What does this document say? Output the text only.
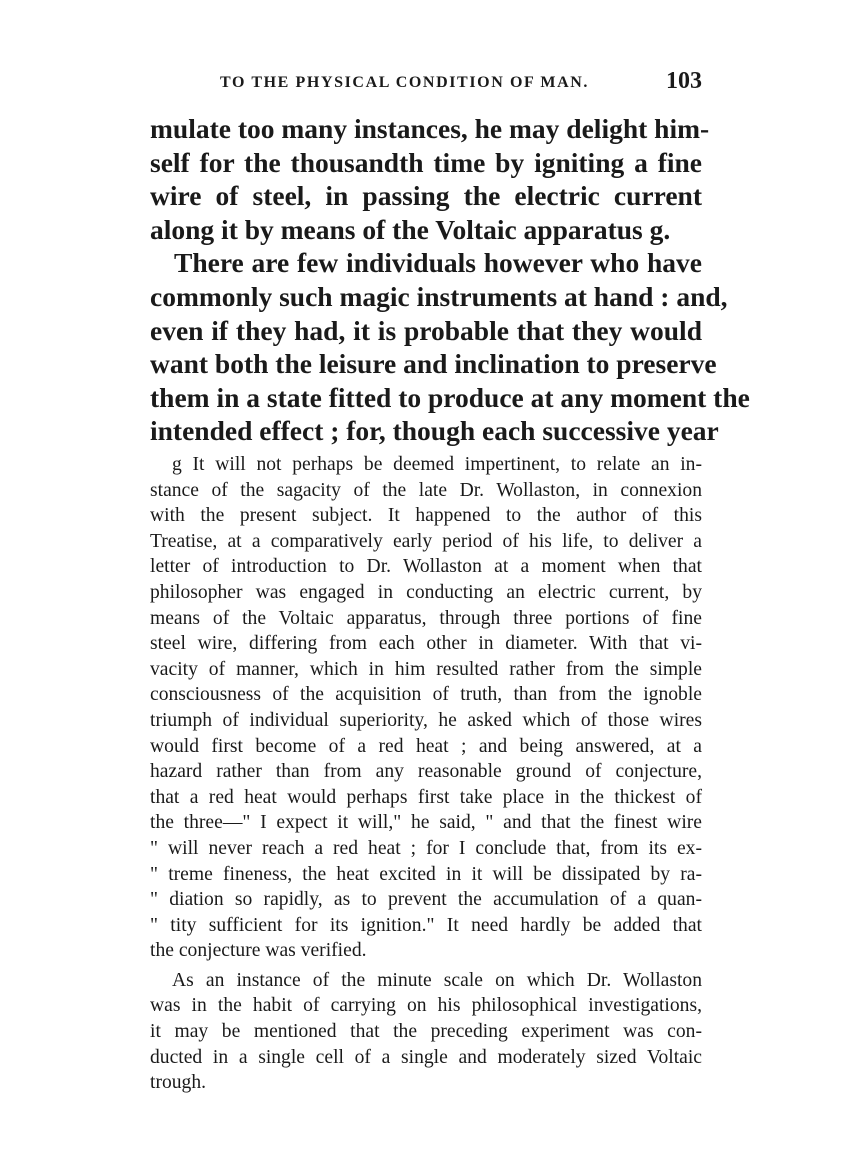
TO THE PHYSICAL CONDITION OF MAN.	103
mulate too many instances, he may delight him-
self for the thousandth time by igniting a fine
wire of steel, in passing the electric current
along it by means of the Voltaic apparatus g.
There are few individuals however who have
commonly such magic instruments at hand : and,
even if they had, it is probable that they would
want both the leisure and inclination to preserve
them in a state fitted to produce at any moment the
intended effect ; for, though each successive year
g It will not perhaps be deemed impertinent, to relate an in-
stance of the sagacity of the late Dr. Wollaston, in connexion
with the present subject. It happened to the author of this
Treatise, at a comparatively early period of his life, to deliver a
letter of introduction to Dr. Wollaston at a moment when that
philosopher was engaged in conducting an electric current, by
means of the Voltaic apparatus, through three portions of fine
steel wire, differing from each other in diameter. With that vi-
vacity of manner, which in him resulted rather from the simple
consciousness of the acquisition of truth, than from the ignoble
triumph of individual superiority, he asked which of those wires
would first become of a red heat ; and being answered, at a
hazard rather than from any reasonable ground of conjecture,
that a red heat would perhaps first take place in the thickest of
the three—" I expect it will," he said, " and that the finest wire
" will never reach a red heat ; for I conclude that, from its ex-
" treme fineness, the heat excited in it will be dissipated by ra-
" diation so rapidly, as to prevent the accumulation of a quan-
" tity sufficient for its ignition." It need hardly be added that
the conjecture was verified.
As an instance of the minute scale on which Dr. Wollaston
was in the habit of carrying on his philosophical investigations,
it may be mentioned that the preceding experiment was con-
ducted in a single cell of a single and moderately sized Voltaic
trough.
